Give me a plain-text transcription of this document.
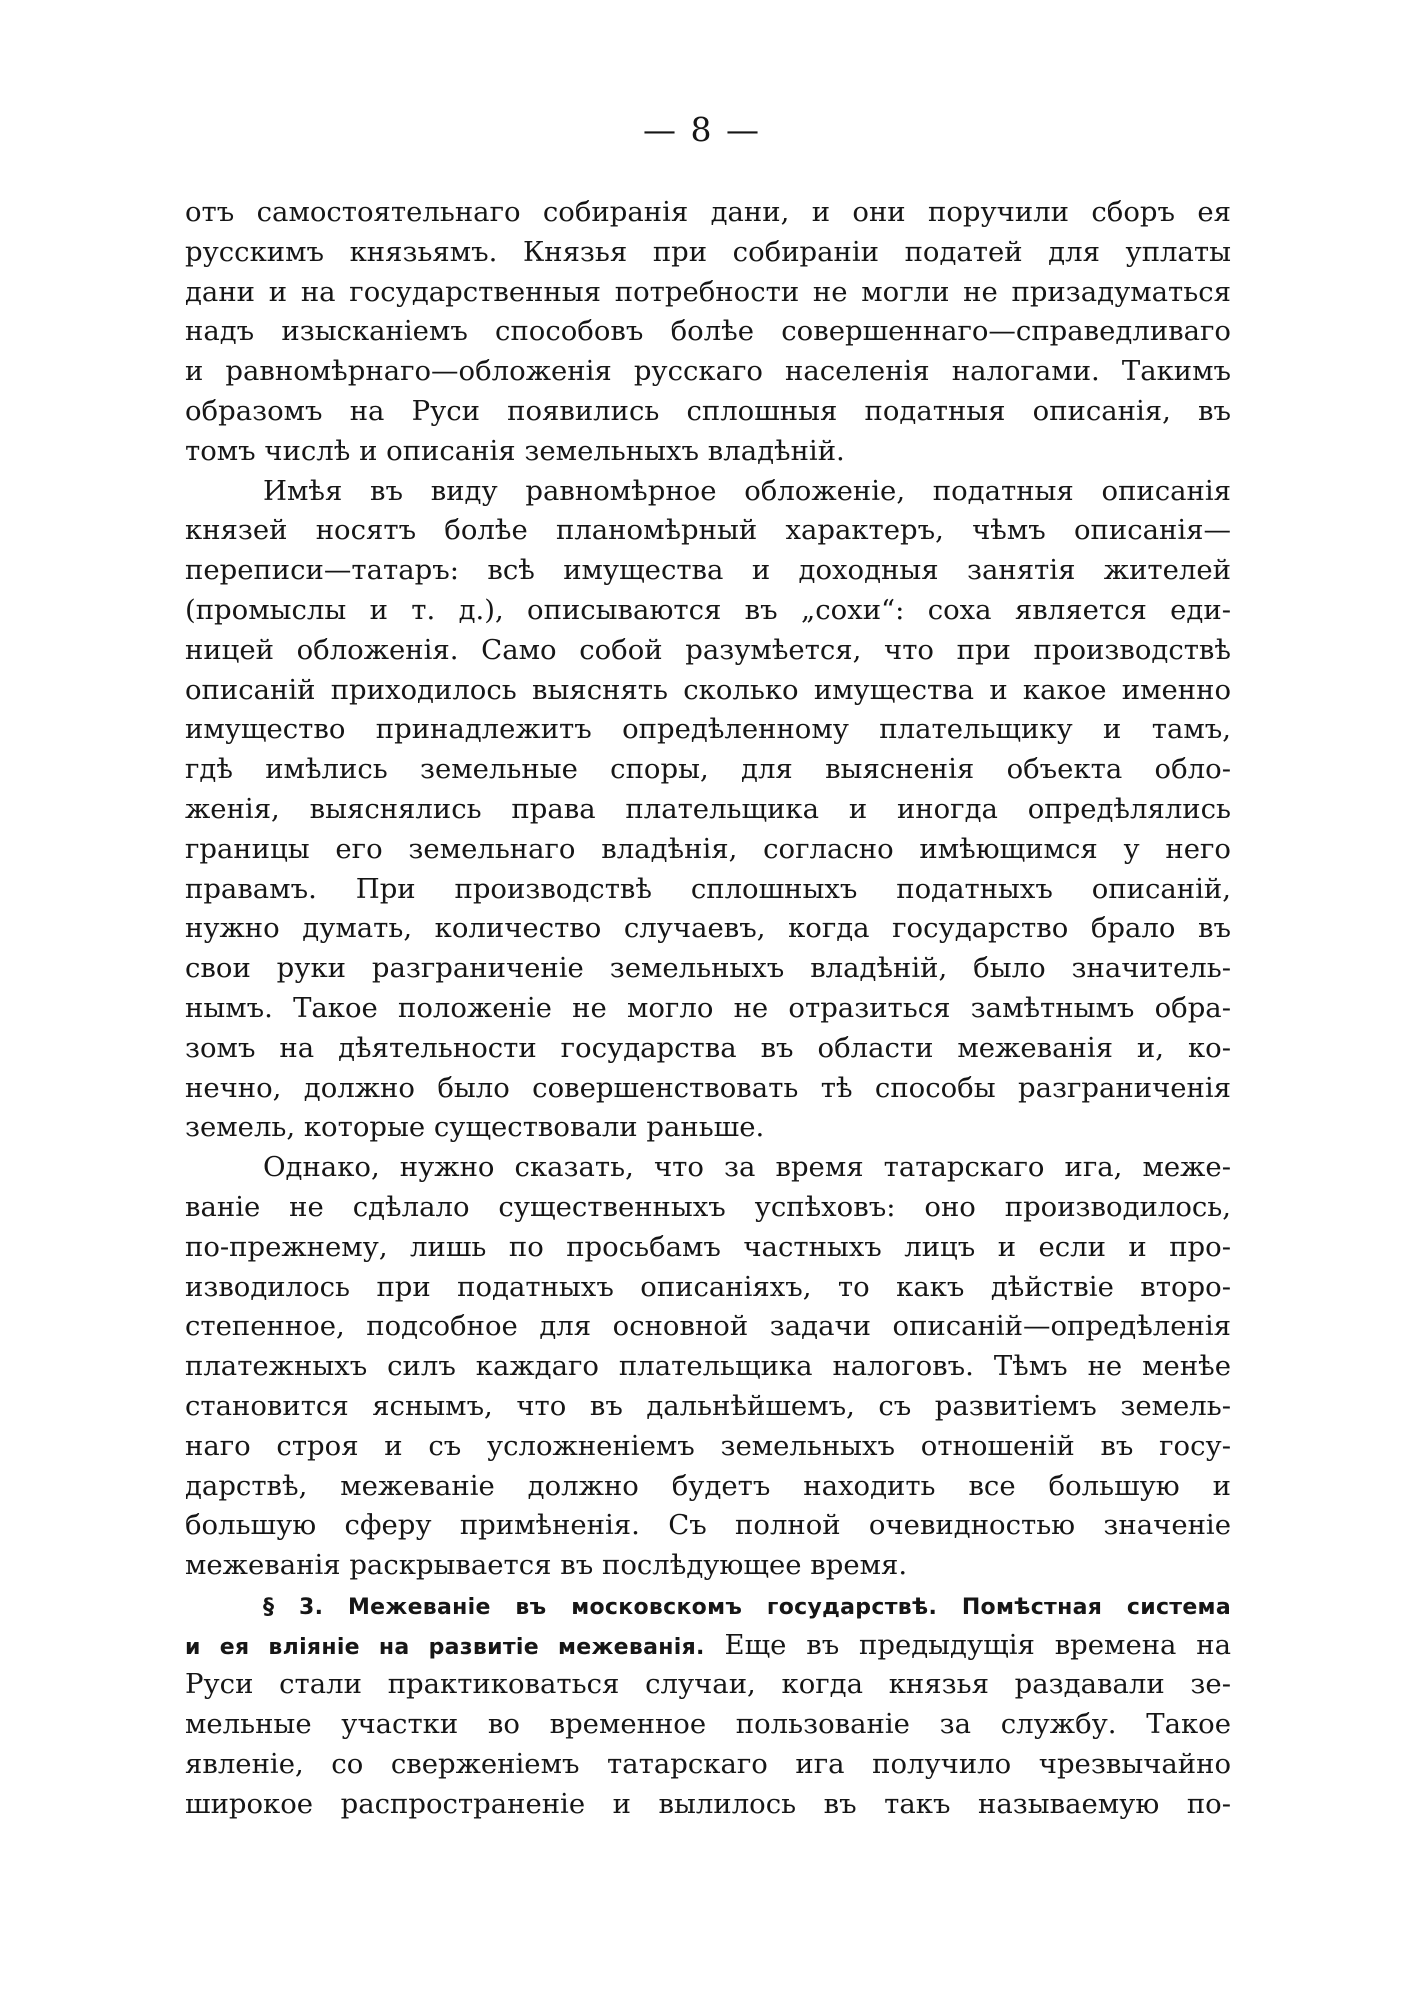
— 8 —
отъ самостоятельнаго собиранія дани, и они поручили сборъ ея
русскимъ князьямъ. Князья при собираніи податей для уплаты
дани и на государственныя потребности не могли не призадуматься
надъ изысканіемъ способовъ болѣе совершеннаго—справедливаго
и равномѣрнаго—обложенія русскаго населенія налогами. Такимъ
образомъ на Руси появились сплошныя податныя описанія, въ
томъ числѣ и описанія земельныхъ владѣній.
Имѣя въ виду равномѣрное обложеніе, податныя описанія
князей носятъ болѣе планомѣрный характеръ, чѣмъ описанія—
переписи—татаръ: всѣ имущества и доходныя занятія жителей
(промыслы и т. д.), описываются въ „сохи“: соха является еди-
ницей обложенія. Само собой разумѣется, что при производствѣ
описаній приходилось выяснять сколько имущества и какое именно
имущество принадлежитъ опредѣленному плательщику и тамъ,
гдѣ имѣлись земельные споры, для выясненія объекта обло-
женія, выяснялись права плательщика и иногда опредѣлялись
границы его земельнаго владѣнія, согласно имѣющимся у него
правамъ. При производствѣ сплошныхъ податныхъ описаній,
нужно думать, количество случаевъ, когда государство брало въ
свои руки разграниченіе земельныхъ владѣній, было значитель-
нымъ. Такое положеніе не могло не отразиться замѣтнымъ обра-
зомъ на дѣятельности государства въ области межеванія и, ко-
нечно, должно было совершенствовать тѣ способы разграниченія
земель, которые существовали раньше.
Однако, нужно сказать, что за время татарскаго ига, меже-
ваніе не сдѣлало существенныхъ успѣховъ: оно производилось,
по-прежнему, лишь по просьбамъ частныхъ лицъ и если и про-
изводилось при податныхъ описаніяхъ, то какъ дѣйствіе второ-
степенное, подсобное для основной задачи описаній—опредѣленія
платежныхъ силъ каждаго плательщика налоговъ. Тѣмъ не менѣе
становится яснымъ, что въ дальнѣйшемъ, съ развитіемъ земель-
наго строя и съ усложненіемъ земельныхъ отношеній въ госу-
дарствѣ, межеваніе должно будетъ находить все большую и
большую сферу примѣненія. Съ полной очевидностью значеніе
межеванія раскрывается въ послѣдующее время.
§ 3. Межеваніе въ московскомъ государствѣ. Помѣстная система
и ея вліяніе на развитіе межеванія. Еще въ предыдущія времена на
Руси стали практиковаться случаи, когда князья раздавали зе-
мельные участки во временное пользованіе за службу. Такое
явленіе, со сверженіемъ татарскаго ига получило чрезвычайно
широкое распространеніе и вылилось въ такъ называемую по-
